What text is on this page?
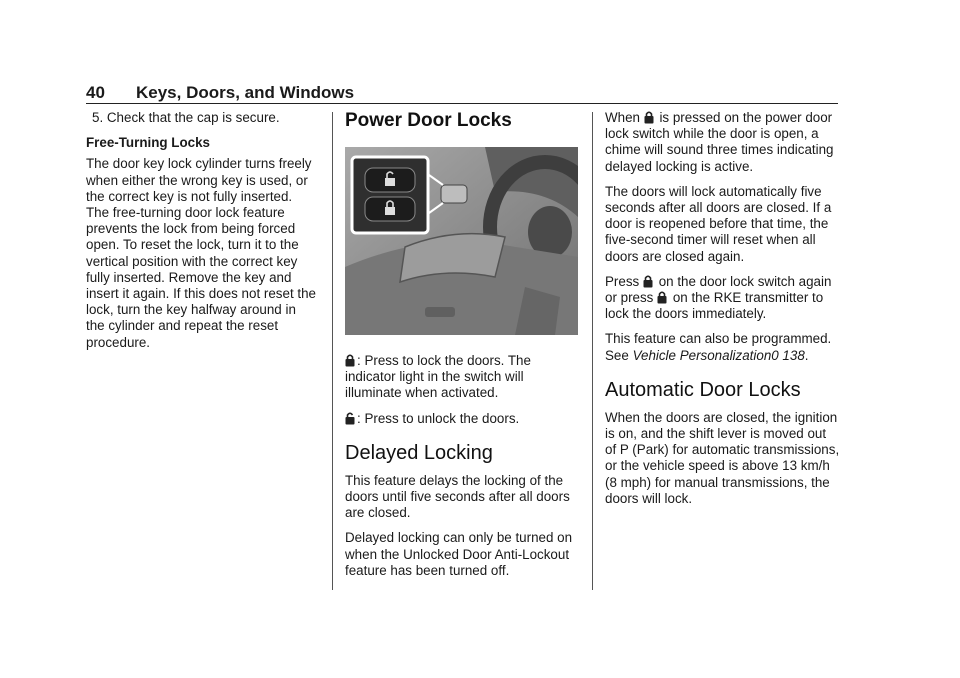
40 Keys, Doors, and Windows

5. Check that the cap is secure.

Free-Turning Locks

The door key lock cylinder turns freely when either the wrong key is used, or the correct key is not fully inserted. The free-turning door lock feature prevents the lock from being forced open. To reset the lock, turn it to the vertical position with the correct key fully inserted. Remove the key and insert it again. If this does not reset the lock, turn the key halfway around in the cylinder and repeat the reset procedure.

Power Door Locks

: Press to lock the doors. The indicator light in the switch will illuminate when activated.

: Press to unlock the doors.

Delayed Locking

This feature delays the locking of the doors until five seconds after all doors are closed.

Delayed locking can only be turned on when the Unlocked Door Anti-Lockout feature has been turned off.

When is pressed on the power door lock switch while the door is open, a chime will sound three times indicating delayed locking is active.

The doors will lock automatically five seconds after all doors are closed. If a door is reopened before that time, the five-second timer will reset when all doors are closed again.

Press on the door lock switch again or press on the RKE transmitter to lock the doors immediately.

This feature can also be programmed. See Vehicle Personalization0 138.

Automatic Door Locks

When the doors are closed, the ignition is on, and the shift lever is moved out of P (Park) for automatic transmissions, or the vehicle speed is above 13 km/h (8 mph) for manual transmissions, the doors will lock.
